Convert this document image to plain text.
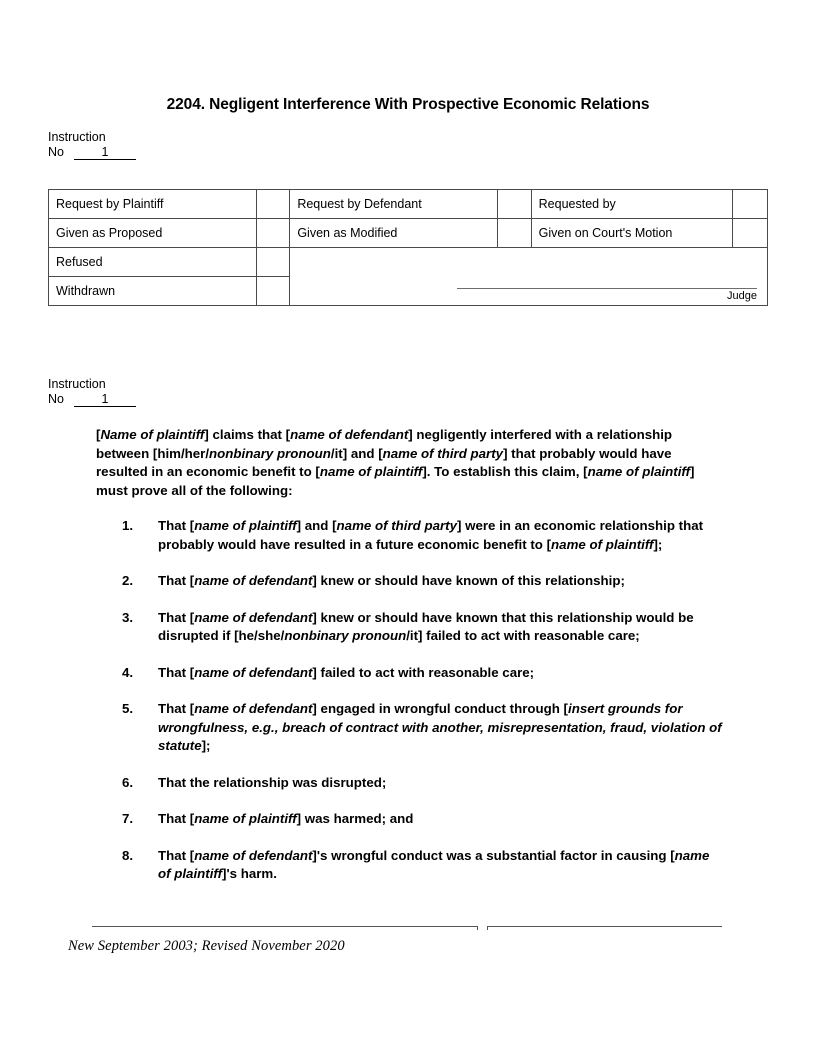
2204. Negligent Interference With Prospective Economic Relations
Instruction
No	1
Request by Plaintiff		Request by Defendant		Requested by	
Given as Proposed		Given as Modified		Given on Court's Motion	
Refused		Judge			

Withdrawn					
Instruction
No	1

[Name of plaintiff] claims that [name of defendant] negligently interfered with a relationship between [him/her/nonbinary pronoun/it] and [name of third party] that probably would have resulted in an economic benefit to [name of plaintiff]. To establish this claim, [name of plaintiff] must prove all of the following:

1. That [name of plaintiff] and [name of third party] were in an economic relationship that probably would have resulted in a future economic benefit to [name of plaintiff];
2. That [name of defendant] knew or should have known of this relationship;
3. That [name of defendant] knew or should have known that this relationship would be disrupted if [he/she/nonbinary pronoun/it] failed to act with reasonable care;
4. That [name of defendant] failed to act with reasonable care;
5. That [name of defendant] engaged in wrongful conduct through [insert grounds for wrongfulness, e.g., breach of contract with another, misrepresentation, fraud, violation of statute];
6. That the relationship was disrupted;
7. That [name of plaintiff] was harmed; and
8. That [name of defendant]'s wrongful conduct was a substantial factor in causing [name of plaintiff]'s harm.
New September 2003; Revised November 2020
